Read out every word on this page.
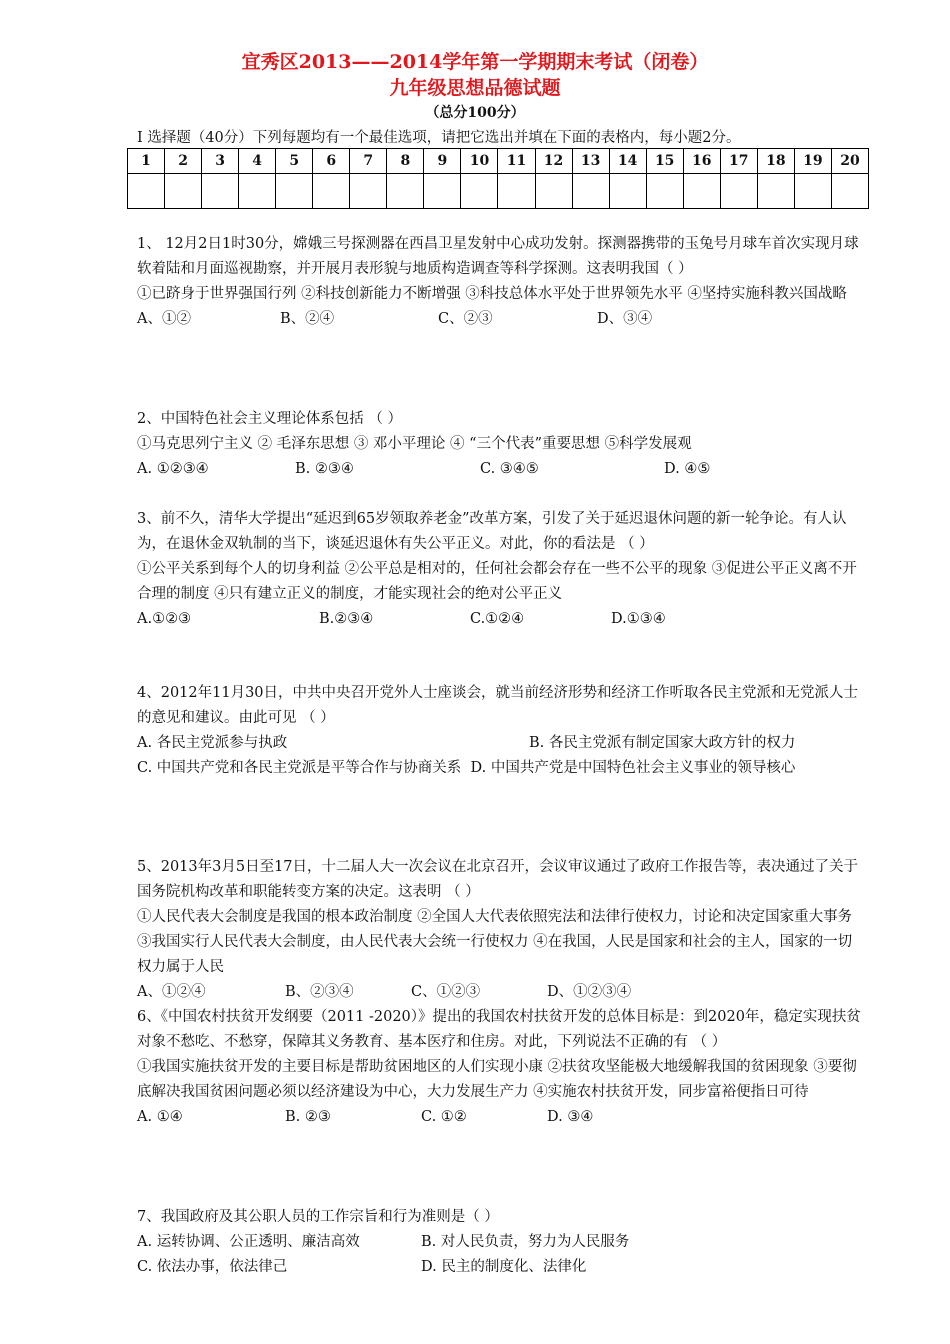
宜秀区2013——2014学年第一学期期末考试（闭卷）
九年级思想品德试题
（总分100分）
Ⅰ 选择题（40分）下列每题均有一个最佳选项，请把它选出并填在下面的表格内，每小题2分。
1	2	3	4	5	6	7	8	9	10	11	12	13	14	15	16	17	18	19	20

1、 12月2日1时30分，嫦娥三号探测器在西昌卫星发射中心成功发射。探测器携带的玉兔号月球车首次实现月球软着陆和月面巡视勘察，并开展月表形貌与地质构造调查等科学探测。这表明我国（ ）

①已跻身于世界强国行列 ②科技创新能力不断增强 ③科技总体水平处于世界领先水平 ④坚持实施科教兴国战略

A、①②	B、②④	C、②③	D、③④

2、中国特色社会主义理论体系包括 （ ）

①马克思列宁主义 ② 毛泽东思想 ③ 邓小平理论 ④ “三个代表”重要思想 ⑤科学发展观

A. ①②③④	B. ②③④	C. ③④⑤	D. ④⑤

3、前不久，清华大学提出“延迟到65岁领取养老金”改革方案，引发了关于延迟退休问题的新一轮争论。有人认为，在退休金双轨制的当下，谈延迟退休有失公平正义。对此，你的看法是 （ ）

①公平关系到每个人的切身利益 ②公平总是相对的，任何社会都会存在一些不公平的现象 ③促进公平正义离不开合理的制度 ④只有建立正义的制度，才能实现社会的绝对公平正义

A.①②③	B.②③④	C.①②④	D.①③④

4、2012年11月30日，中共中央召开党外人士座谈会，就当前经济形势和经济工作听取各民主党派和无党派人士的意见和建议。由此可见 （ ）

A. 各民主党派参与执政	B. 各民主党派有制定国家大政方针的权力

C. 中国共产党和各民主党派是平等合作与协商关系 D. 中国共产党是中国特色社会主义事业的领导核心

5、2013年3月5日至17日，十二届人大一次会议在北京召开，会议审议通过了政府工作报告等，表决通过了关于国务院机构改革和职能转变方案的决定。这表明 （ ）

①人民代表大会制度是我国的根本政治制度 ②全国人大代表依照宪法和法律行使权力，讨论和决定国家重大事务 ③我国实行人民代表大会制度，由人民代表大会统一行使权力 ④在我国，人民是国家和社会的主人，国家的一切权力属于人民

A、①②④	B、②③④	C、①②③	D、①②③④

6、《中国农村扶贫开发纲要（2011 -2020）》提出的我国农村扶贫开发的总体目标是：到2020年，稳定实现扶贫对象不愁吃、不愁穿，保障其义务教育、基本医疗和住房。对此，下列说法不正确的有 （ ）

①我国实施扶贫开发的主要目标是帮助贫困地区的人们实现小康 ②扶贫攻坚能极大地缓解我国的贫困现象 ③要彻底解决我国贫困问题必须以经济建设为中心，大力发展生产力 ④实施农村扶贫开发，同步富裕便指日可待

A. ①④	B. ②③	C. ①②	D. ③④

7、我国政府及其公职人员的工作宗旨和行为准则是（ ）

A. 运转协调、公正透明、廉洁高效	B. 对人民负责，努力为人民服务
C. 依法办事，依法律己	D. 民主的制度化、法律化
